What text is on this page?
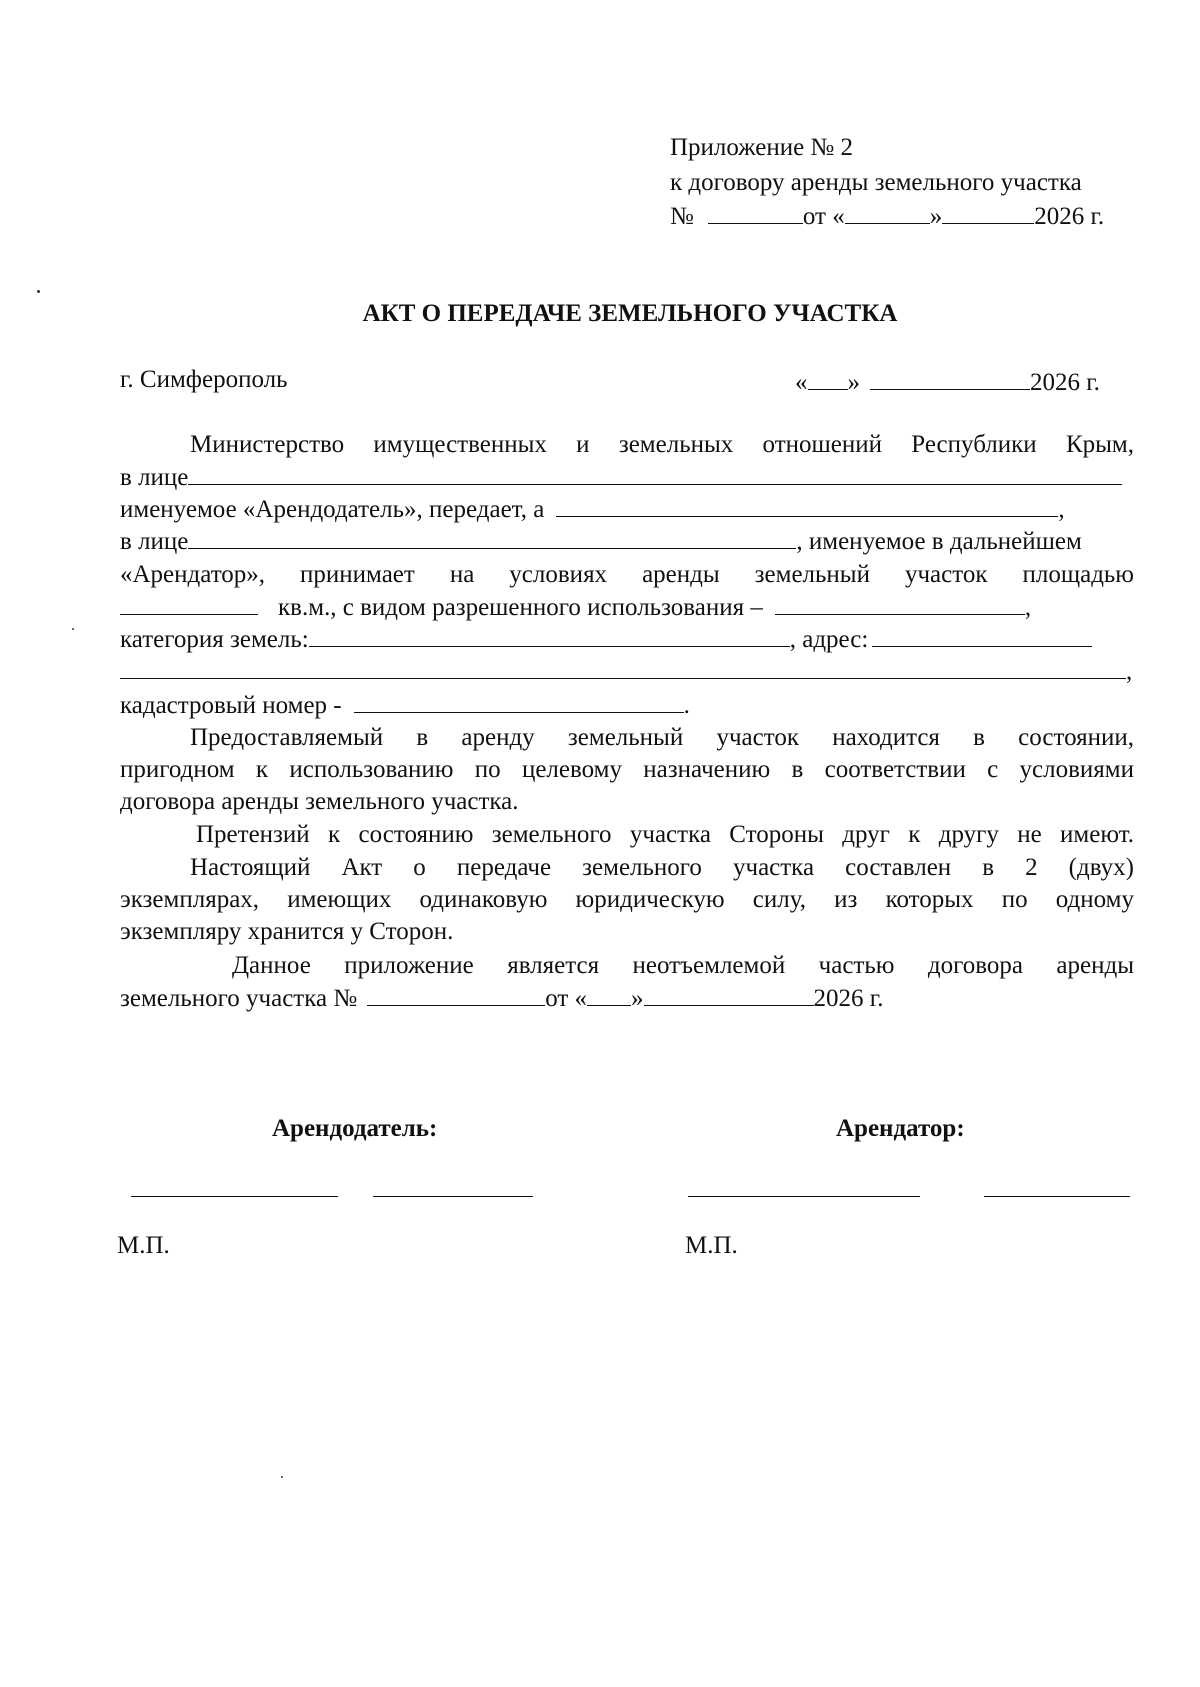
Приложение № 2
к договору аренды земельного участка
№	от «	»	2026 г.
АКТ О ПЕРЕДАЧЕ ЗЕМЕЛЬНОГО УЧАСТКА
г. Симферополь	« »	2026 г.
Министерство имущественных и земельных отношений Республики Крым,
в лице
именуемое «Арендодатель», передает, а	,
в лице	, именуемое в дальнейшем
«Арендатор», принимает на условиях аренды земельный участок площадью
кв.м., с видом разрешенного использования –	,
категория земель:	, адрес:
,
кадастровый номер -	.
Предоставляемый в аренду земельный участок находится в состоянии,
пригодном к использованию по целевому назначению в соответствии с условиями
договора аренды земельного участка.
Претензий к состоянию земельного участка Стороны друг к другу не имеют.
Настоящий Акт о передаче земельного участка составлен в 2 (двух)
экземплярах, имеющих одинаковую юридическую силу, из которых по одному
экземпляру хранится у Сторон.
Данное приложение является неотъемлемой частью договора аренды
земельного участка №	от « »	2026 г.
Арендодатель:	Арендатор:
М.П.	М.П.
